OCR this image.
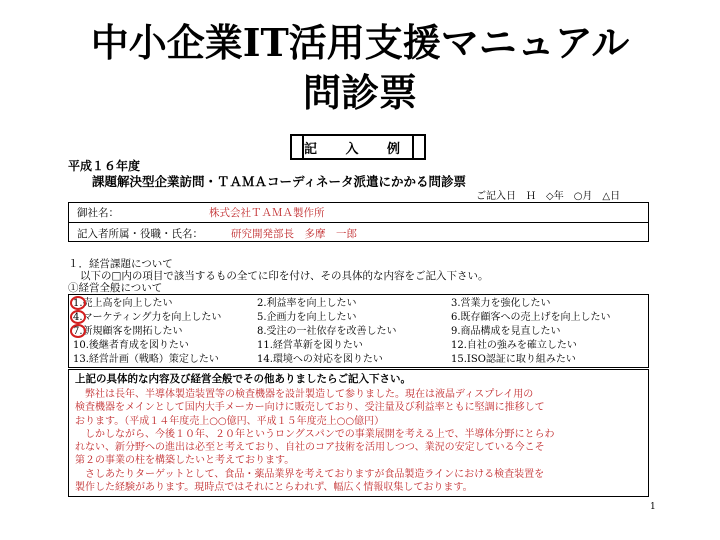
中小企業IT活用支援マニュアル
問診票
記 入 例
平成１６年度
課題解決型企業訪問・ＴＡＭＡコーディネータ派遣にかかる問診票
ご記入日　Ｈ　◇年　○月　△日
御社名：	株式会社ＴＡＭＡ製作所
記入者所属・役職・氏名：	研究開発部長　多摩　一郎
１．経営課題について
以下の□内の項目で該当するもの全てに印を付け、その具体的な内容をご記入下さい。
①経営全般について
1.売上高を向上したい	2.利益率を向上したい	3.営業力を強化したい
4.マーケティング力を向上したい	5.企画力を向上したい	6.既存顧客への売上げを向上したい
7.新規顧客を開拓したい	8.受注の一社依存を改善したい	9.商品構成を見直したい
10.後継者育成を図りたい	11.経営革新を図りたい	12.自社の強みを確立したい
13.経営計画（戦略）策定したい	14.環境への対応を図りたい	15.ISO認証に取り組みたい
上記の具体的な内容及び経営全般でその他ありましたらご記入下さい。
　弊社は長年、半導体製造装置等の検査機器を設計製造して参りました。現在は液晶ディスプレイ用の
検査機器をメインとして国内大手メーカー向けに販売しており、受注量及び利益率ともに堅調に推移して
おります。（平成１４年度売上○○億円、平成１５年度売上○○億円）
　しかしながら、今後１０年、２０年というロングスパンでの事業展開を考える上で、半導体分野にとらわ
れない、新分野への進出は必至と考えており、自社のコア技術を活用しつつ、業況の安定している今こそ
第２の事業の柱を構築したいと考えております。
　さしあたりターゲットとして、食品・薬品業界を考えておりますが食品製造ラインにおける検査装置を
製作した経験があります。現時点ではそれにとらわれず、幅広く情報収集しております。
1
